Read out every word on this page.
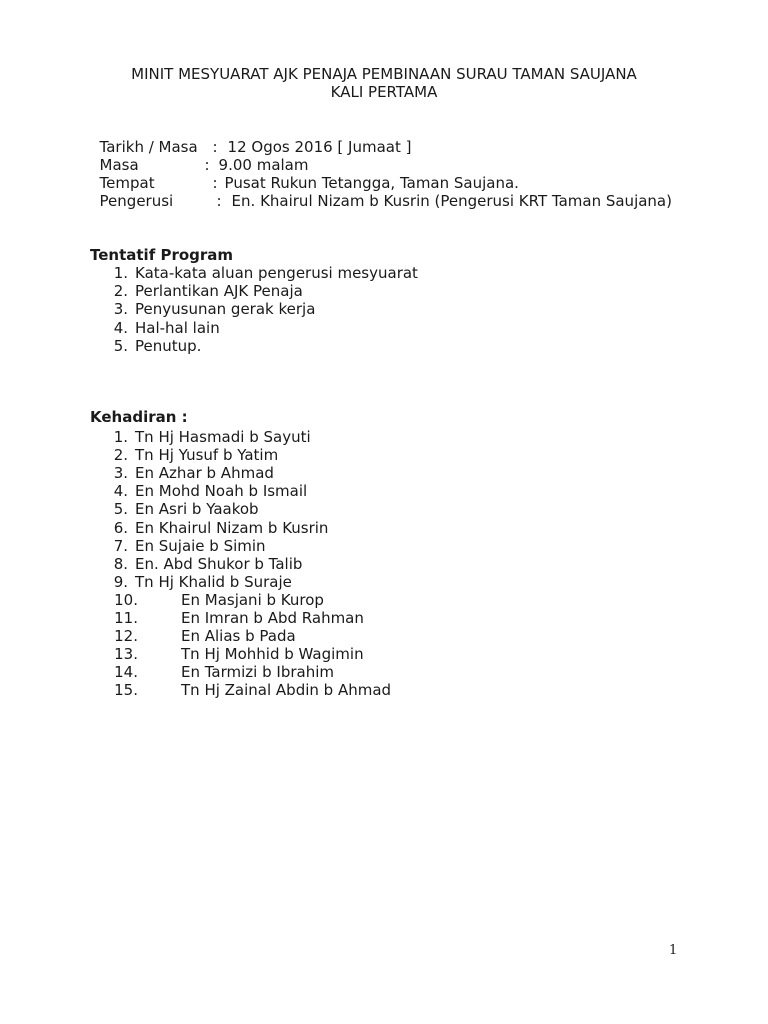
MINIT MESYUARAT AJK PENAJA PEMBINAAN SURAU TAMAN SAUJANA
KALI PERTAMA

Tarikh / Masa : 12 Ogos 2016 [ Jumaat ]

Masa	: 9.00 malam

Tempat	: Pusat Rukun Tetangga, Taman Saujana.

Pengerusi	: En. Khairul Nizam b Kusrin (Pengerusi KRT Taman Saujana)

Tentatif Program
1. Kata-kata aluan pengerusi mesyuarat
2. Perlantikan AJK Penaja
3. Penyusunan gerak kerja
4. Hal-hal lain
5. Penutup.
Kehadiran :
1. Tn Hj Hasmadi b Sayuti
2. Tn Hj Yusuf b Yatim
3. En Azhar b Ahmad
4. En Mohd Noah b Ismail
5. En Asri b Yaakob
6. En Khairul Nizam b Kusrin
7. En Sujaie b Simin
8. En. Abd Shukor b Talib
9. Tn Hj Khalid b Suraje
10.	En Masjani b Kurop
11.	En Imran b Abd Rahman
12.	En Alias b Pada
13.	Tn Hj Mohhid b Wagimin
14.	En Tarmizi b Ibrahim
15.	Tn Hj Zainal Abdin b Ahmad
1
